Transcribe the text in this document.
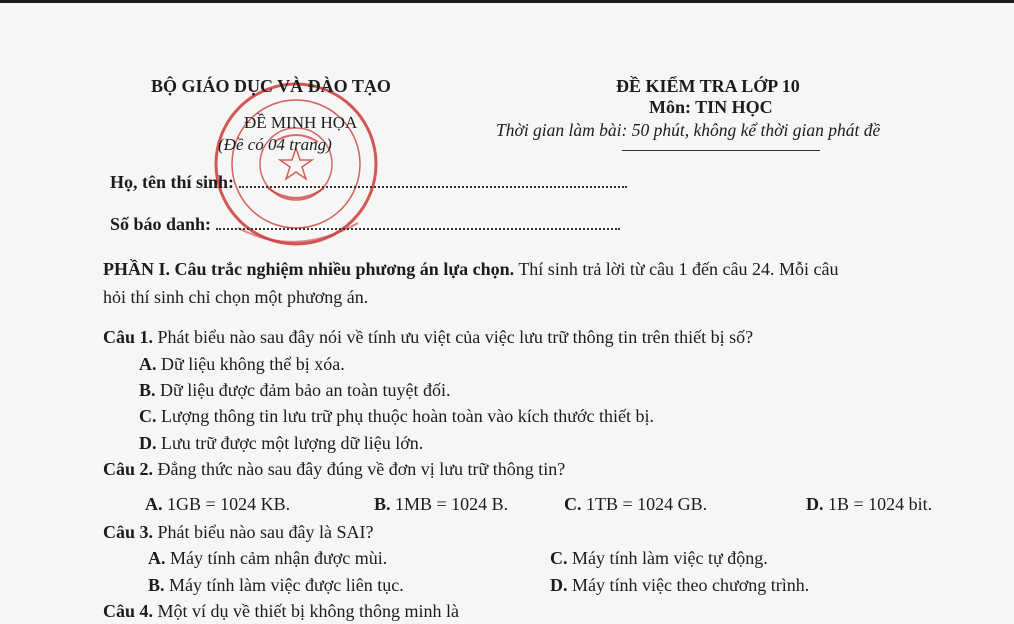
BỘ GIÁO DỤC VÀ ĐÀO TẠO
ĐỀ MINH HỌA
(Đề có 04 trang)
ĐỀ KIỂM TRA LỚP 10
Môn: TIN HỌC
Thời gian làm bài: 50 phút, không kể thời gian phát đề
Họ, tên thí sinh:
Số báo danh:
PHẦN I. Câu trắc nghiệm nhiều phương án lựa chọn. Thí sinh trả lời từ câu 1 đến câu 24. Mỗi câu
hỏi thí sinh chỉ chọn một phương án.
Câu 1. Phát biểu nào sau đây nói về tính ưu việt của việc lưu trữ thông tin trên thiết bị số?
A. Dữ liệu không thể bị xóa.
B. Dữ liệu được đảm bảo an toàn tuyệt đối.
C. Lượng thông tin lưu trữ phụ thuộc hoàn toàn vào kích thước thiết bị.
D. Lưu trữ được một lượng dữ liệu lớn.
Câu 2. Đẳng thức nào sau đây đúng về đơn vị lưu trữ thông tin?
A. 1GB = 1024 KB.	B. 1MB = 1024 B.	C. 1TB = 1024 GB.	D. 1B = 1024 bit.
Câu 3. Phát biểu nào sau đây là SAI?
A. Máy tính cảm nhận được mùi.
B. Máy tính làm việc được liên tục.
C. Máy tính làm việc tự động.
D. Máy tính việc theo chương trình.
Câu 4. Một ví dụ về thiết bị không thông minh là
